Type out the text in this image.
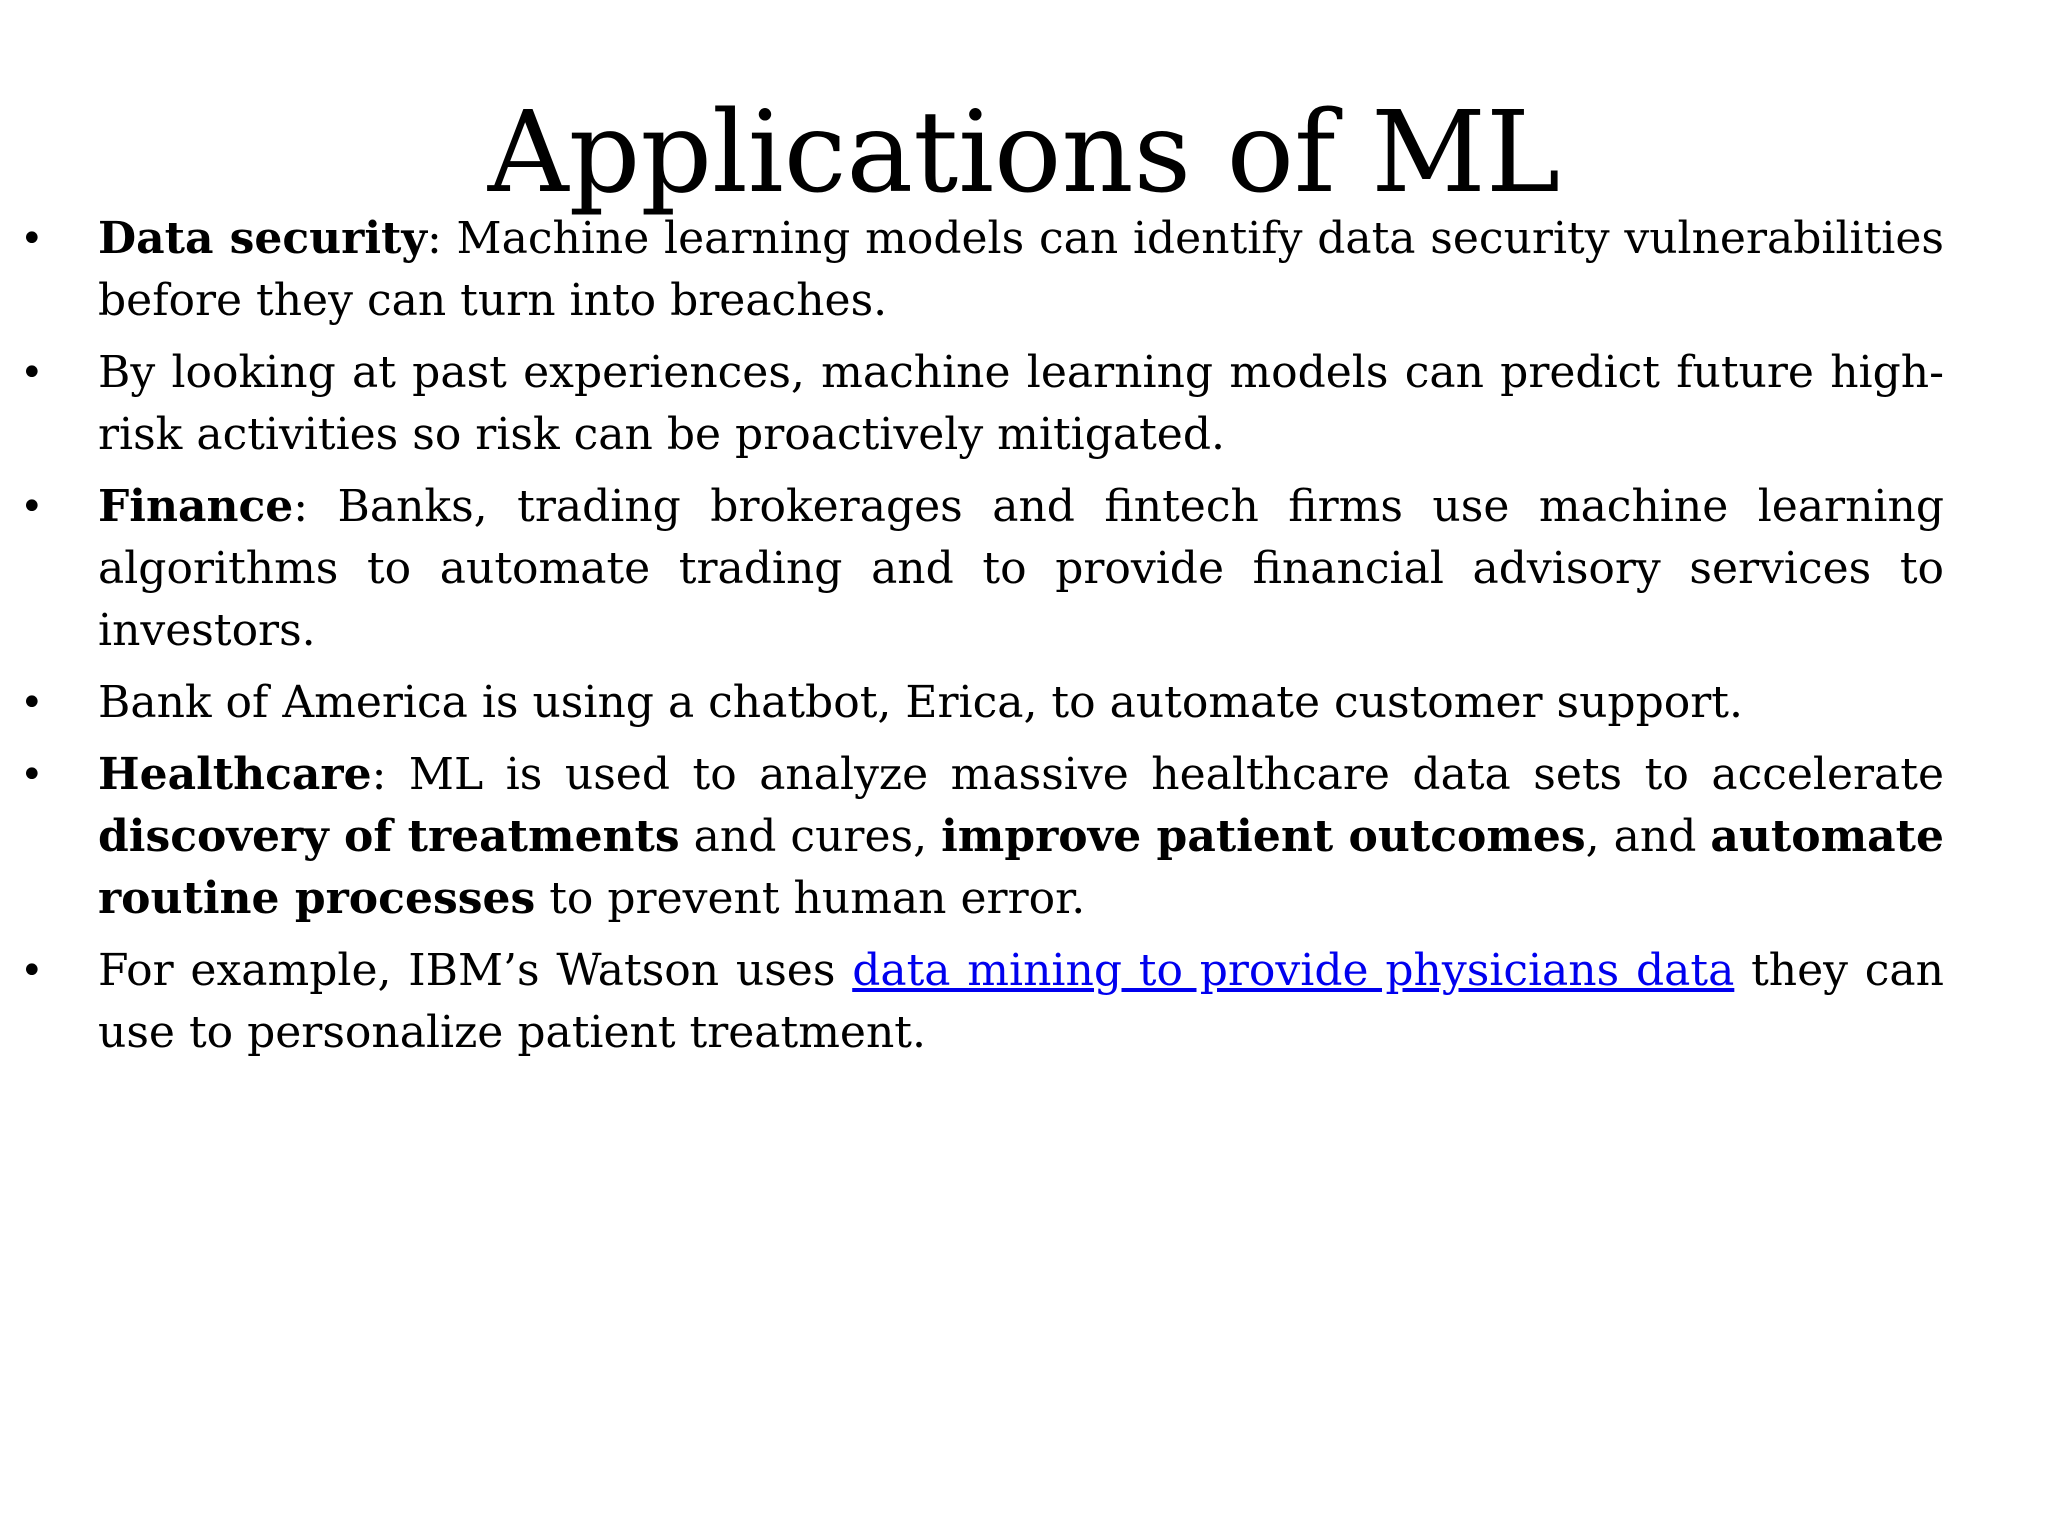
Applications of ML
• Data security: Machine learning models can identify data security vulnerabilities before they can turn into breaches.
• By looking at past experiences, machine learning models can predict future high-risk activities so risk can be proactively mitigated.
• Finance: Banks, trading brokerages and fintech firms use machine learning algorithms to automate trading and to provide financial advisory services to investors.
• Bank of America is using a chatbot, Erica, to automate customer support.
• Healthcare: ML is used to analyze massive healthcare data sets to accelerate discovery of treatments and cures, improve patient outcomes, and automate routine processes to prevent human error.
• For example, IBM’s Watson uses data mining to provide physicians data they can use to personalize patient treatment.
